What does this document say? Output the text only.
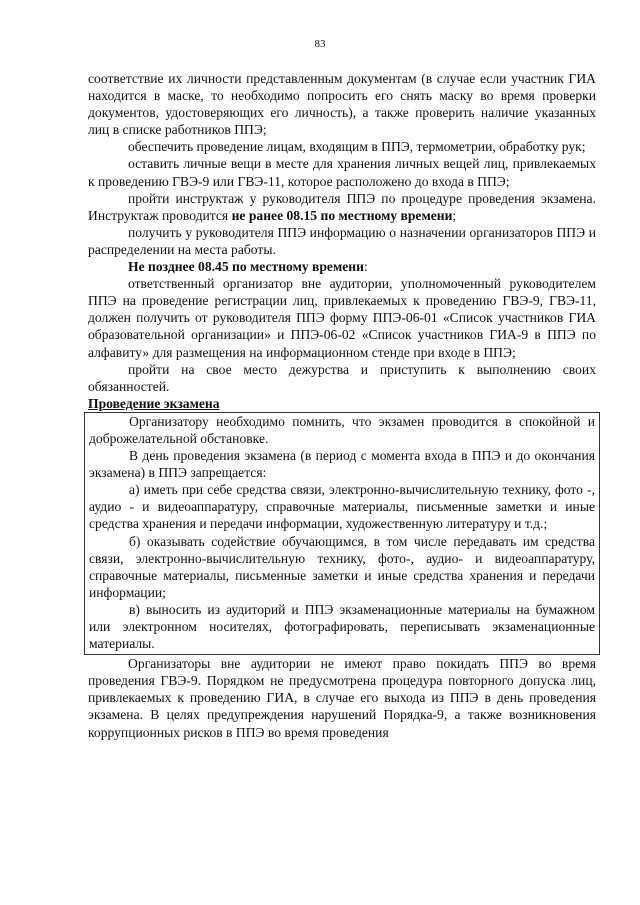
83

соответствие их личности представленным документам (в случае если участник ГИА находится в маске, то необходимо попросить его снять маску во время проверки документов, удостоверяющих его личность), а также проверить наличие указанных лиц в списке работников ППЭ;

обеспечить проведение лицам, входящим в ППЭ, термометрии, обработку рук;

оставить личные вещи в месте для хранения личных вещей лиц, привлекаемых к проведению ГВЭ-9 или ГВЭ-11, которое расположено до входа в ППЭ;

пройти инструктаж у руководителя ППЭ по процедуре проведения экзамена. Инструктаж проводится не ранее 08.15 по местному времени;

получить у руководителя ППЭ информацию о назначении организаторов ППЭ и распределении на места работы.

Не позднее 08.45 по местному времени:

ответственный организатор вне аудитории, уполномоченный руководителем ППЭ на проведение регистрации лиц, привлекаемых к проведению ГВЭ-9, ГВЭ-11, должен получить от руководителя ППЭ форму ППЭ-06-01 «Список участников ГИА образовательной организации» и ППЭ-06-02 «Список участников ГИА-9 в ППЭ по алфавиту» для размещения на информационном стенде при входе в ППЭ;

пройти на свое место дежурства и приступить к выполнению своих обязанностей.

Проведение экзамена

Организатору необходимо помнить, что экзамен проводится в спокойной и доброжелательной обстановке.

В день проведения экзамена (в период с момента входа в ППЭ и до окончания экзамена) в ППЭ запрещается:

а) иметь при себе средства связи, электронно-вычислительную технику, фото -, аудио - и видеоаппаратуру, справочные материалы, письменные заметки и иные средства хранения и передачи информации, художественную литературу и т.д.;

б) оказывать содействие обучающимся, в том числе передавать им средства связи, электронно-вычислительную технику, фото-, аудио- и видеоаппаратуру, справочные материалы, письменные заметки и иные средства хранения и передачи информации;

в) выносить из аудиторий и ППЭ экзаменационные материалы на бумажном или электронном носителях, фотографировать, переписывать экзаменационные материалы.

Организаторы вне аудитории не имеют право покидать ППЭ во время проведения ГВЭ-9. Порядком не предусмотрена процедура повторного допуска лиц, привлекаемых к проведению ГИА, в случае его выхода из ППЭ в день проведения экзамена. В целях предупреждения нарушений Порядка-9, а также возникновения коррупционных рисков в ППЭ во время проведения
